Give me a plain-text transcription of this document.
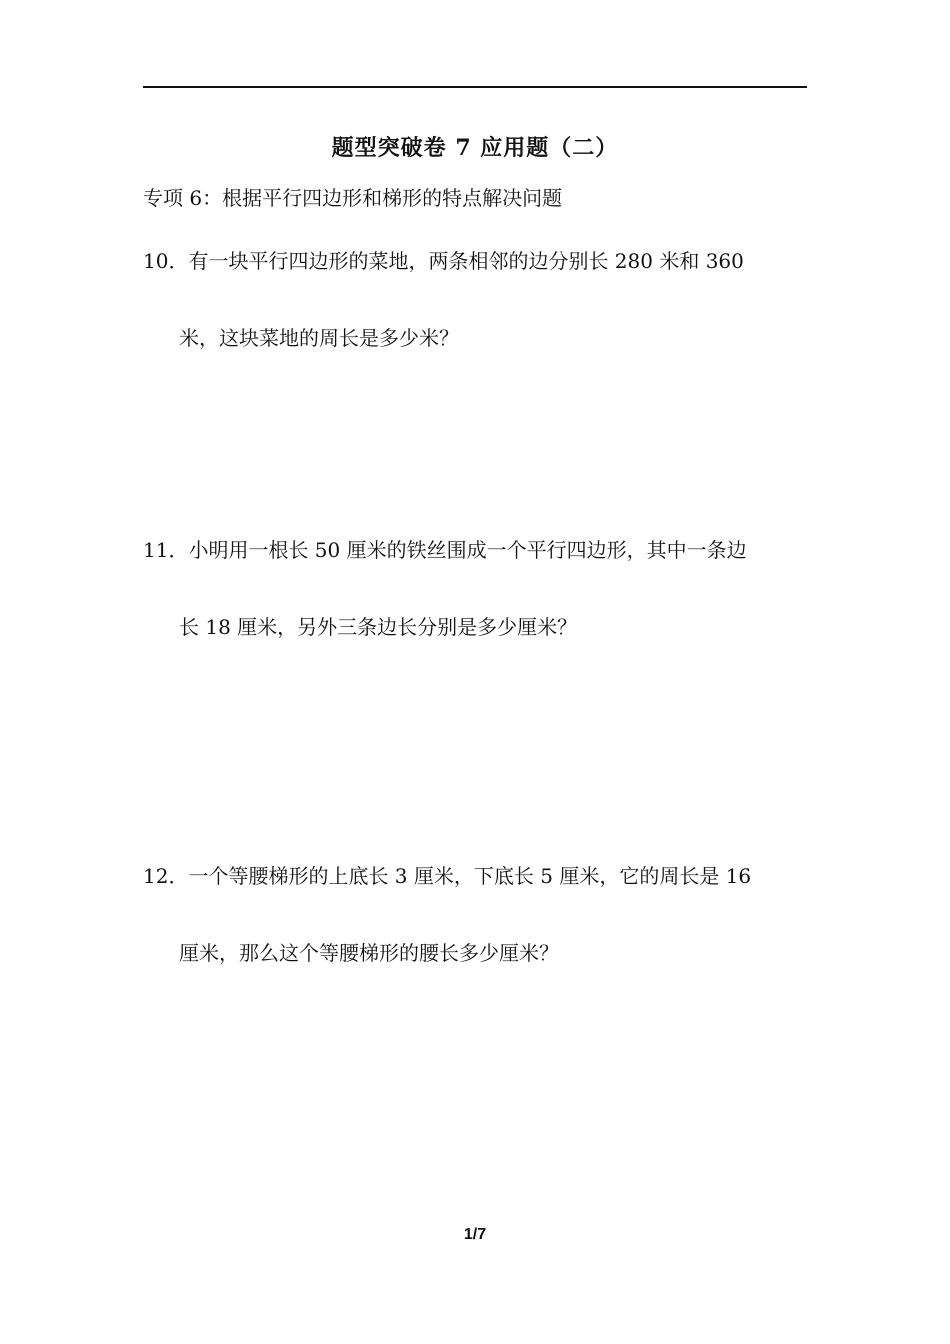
题型突破卷 7 应用题（二）
专项 6：根据平行四边形和梯形的特点解决问题
10．有一块平行四边形的菜地，两条相邻的边分别长 280 米和 360
米，这块菜地的周长是多少米？
11．小明用一根长 50 厘米的铁丝围成一个平行四边形，其中一条边
长 18 厘米，另外三条边长分别是多少厘米？
12．一个等腰梯形的上底长 3 厘米，下底长 5 厘米，它的周长是 16
厘米，那么这个等腰梯形的腰长多少厘米？
1/7
